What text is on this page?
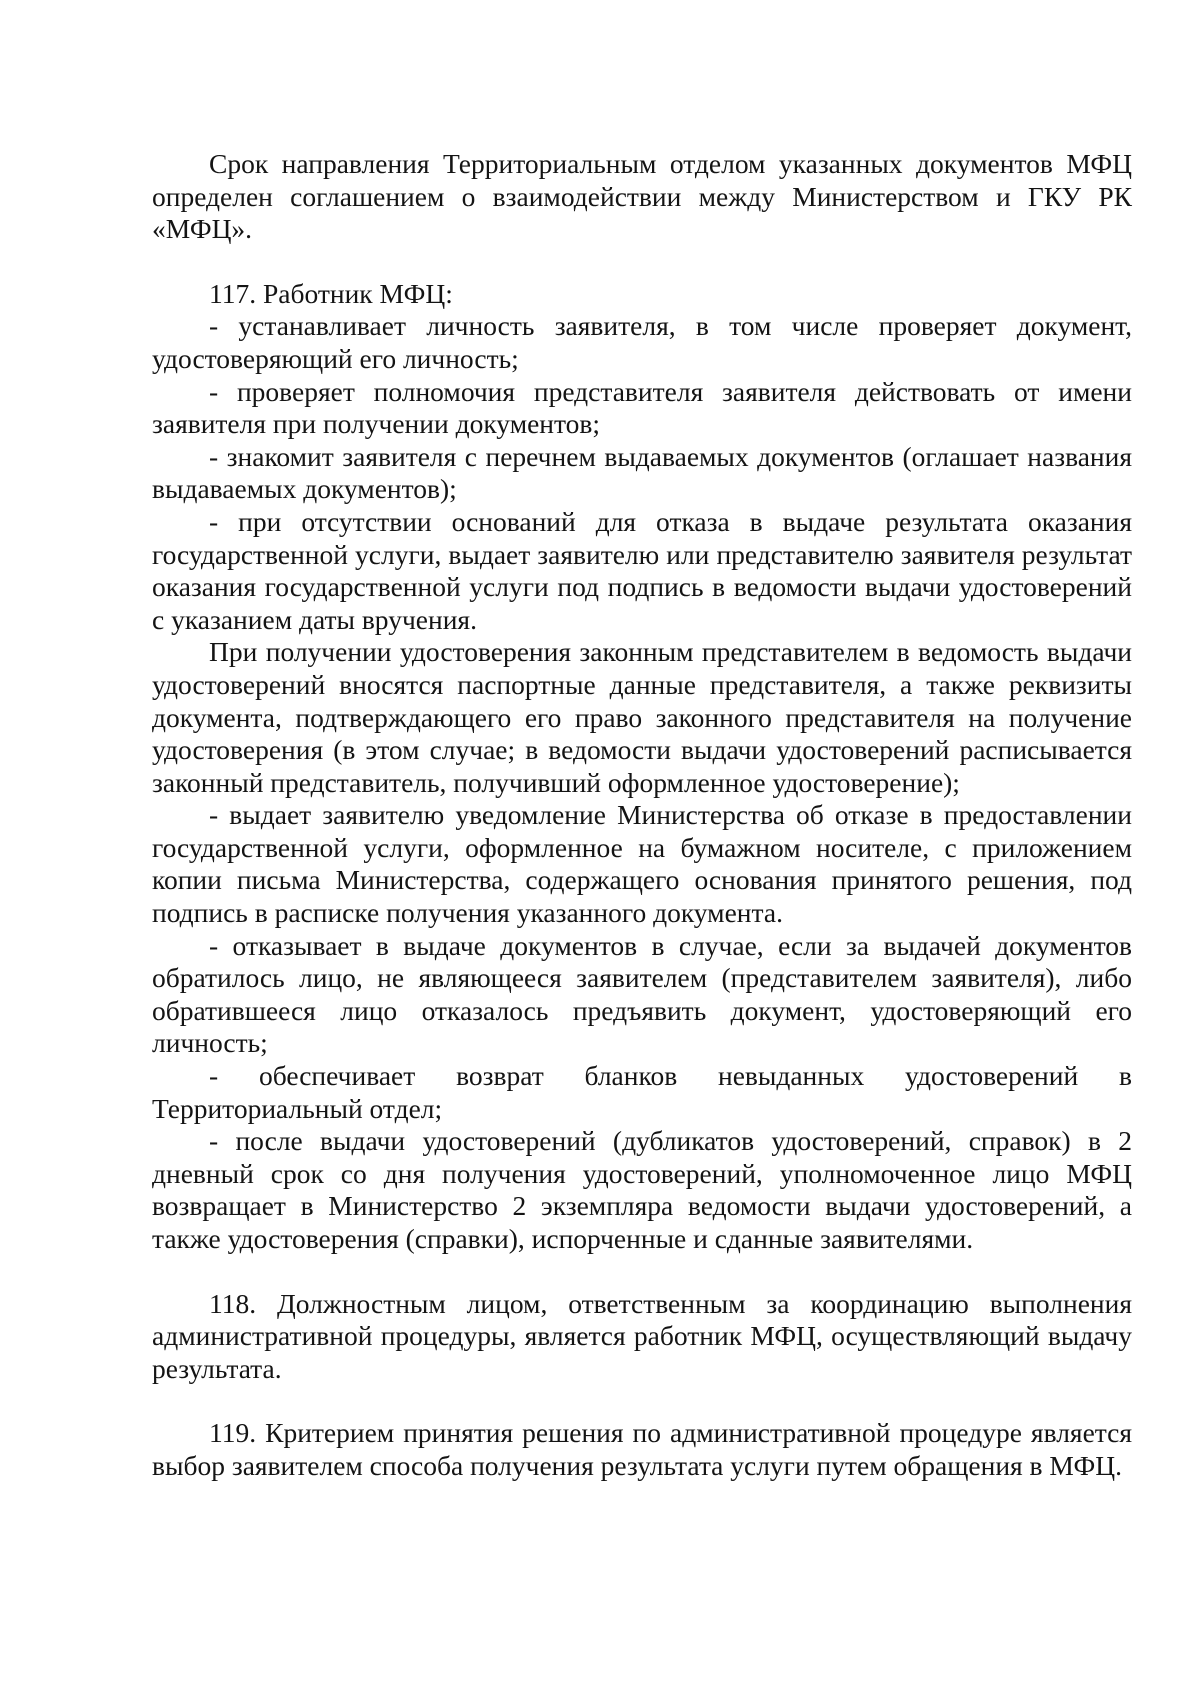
Срок направления Территориальным отделом указанных документов МФЦ определен соглашением о взаимодействии между Министерством и ГКУ РК «МФЦ».

117. Работник МФЦ:

- устанавливает личность заявителя, в том числе проверяет документ, удостоверяющий его личность;

- проверяет полномочия представителя заявителя действовать от имени заявителя при получении документов;

- знакомит заявителя с перечнем выдаваемых документов (оглашает названия выдаваемых документов);

- при отсутствии оснований для отказа в выдаче результата оказания государственной услуги, выдает заявителю или представителю заявителя результат оказания государственной услуги под подпись в ведомости выдачи удостоверений с указанием даты вручения.

При получении удостоверения законным представителем в ведомость выдачи удостоверений вносятся паспортные данные представителя, а также реквизиты документа, подтверждающего его право законного представителя на получение удостоверения (в этом случае; в ведомости выдачи удостоверений расписывается законный представитель, получивший оформленное удостоверение);

- выдает заявителю уведомление Министерства об отказе в предоставлении государственной услуги, оформленное на бумажном носителе, с приложением копии письма Министерства, содержащего основания принятого решения, под подпись в расписке получения указанного документа.

- отказывает в выдаче документов в случае, если за выдачей документов обратилось лицо, не являющееся заявителем (представителем заявителя), либо обратившееся лицо отказалось предъявить документ, удостоверяющий его личность;

- обеспечивает возврат бланков невыданных удостоверений в Территориальный отдел;

- после выдачи удостоверений (дубликатов удостоверений, справок) в 2 дневный срок со дня получения удостоверений, уполномоченное лицо МФЦ возвращает в Министерство 2 экземпляра ведомости выдачи удостоверений, а также удостоверения (справки), испорченные и сданные заявителями.

118. Должностным лицом, ответственным за координацию выполнения административной процедуры, является работник МФЦ, осуществляющий выдачу результата.

119. Критерием принятия решения по административной процедуре является выбор заявителем способа получения результата услуги путем обращения в МФЦ.
